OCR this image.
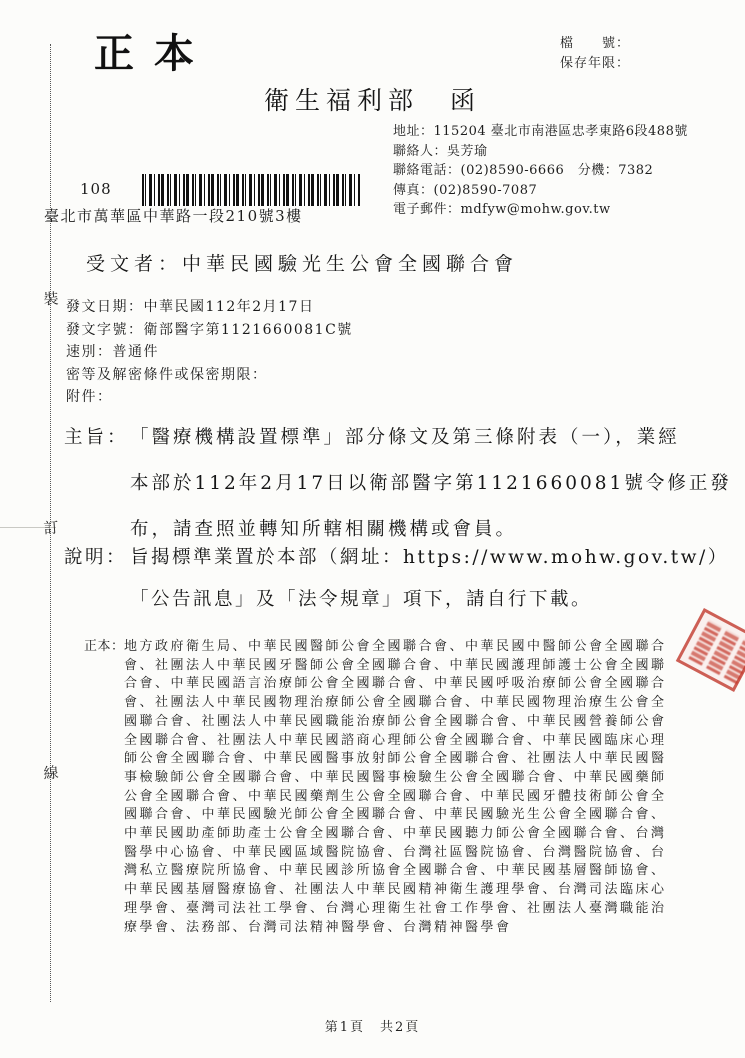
正本	檔　　號：
保存年限：
衛生福利部　函
地址：115204 臺北市南港區忠孝東路6段488號
聯絡人：吳芳瑜
聯絡電話：(02)8590-6666　分機：7382
傳真：(02)8590-7087
電子郵件：mdfyw@mohw.gov.tw
108
臺北市萬華區中華路一段210號3樓
受文者：中華民國驗光生公會全國聯合會
發文日期：中華民國112年2月17日
發文字號：衛部醫字第1121660081C號
速別：普通件
密等及解密條件或保密期限：
附件：
主旨： 「醫療機構設置標準」部分條文及第三條附表（一），業經
本部於112年2月17日以衛部醫字第1121660081號令修正發
布，請查照並轉知所轄相關機構或會員。
說明： 旨揭標準業置於本部（網址：https://www.mohw.gov.tw/）
「公告訊息」及「法令規章」項下，請自行下載。
正本： 地方政府衛生局、中華民國醫師公會全國聯合會、中華民國中醫師公會全國聯合
會、社團法人中華民國牙醫師公會全國聯合會、中華民國護理師護士公會全國聯
合會、中華民國語言治療師公會全國聯合會、中華民國呼吸治療師公會全國聯合
會、社團法人中華民國物理治療師公會全國聯合會、中華民國物理治療生公會全
國聯合會、社團法人中華民國職能治療師公會全國聯合會、中華民國營養師公會
全國聯合會、社團法人中華民國諮商心理師公會全國聯合會、中華民國臨床心理
師公會全國聯合會、中華民國醫事放射師公會全國聯合會、社團法人中華民國醫
事檢驗師公會全國聯合會、中華民國醫事檢驗生公會全國聯合會、中華民國藥師
公會全國聯合會、中華民國藥劑生公會全國聯合會、中華民國牙體技術師公會全
國聯合會、中華民國驗光師公會全國聯合會、中華民國驗光生公會全國聯合會、
中華民國助產師助產士公會全國聯合會、中華民國聽力師公會全國聯合會、台灣
醫學中心協會、中華民國區域醫院協會、台灣社區醫院協會、台灣醫院協會、台
灣私立醫療院所協會、中華民國診所協會全國聯合會、中華民國基層醫師協會、
中華民國基層醫療協會、社團法人中華民國精神衛生護理學會、台灣司法臨床心
理學會、臺灣司法社工學會、台灣心理衛生社會工作學會、社團法人臺灣職能治
療學會、法務部、台灣司法精神醫學會、台灣精神醫學會
裝
訂
線
第1頁　共2頁
